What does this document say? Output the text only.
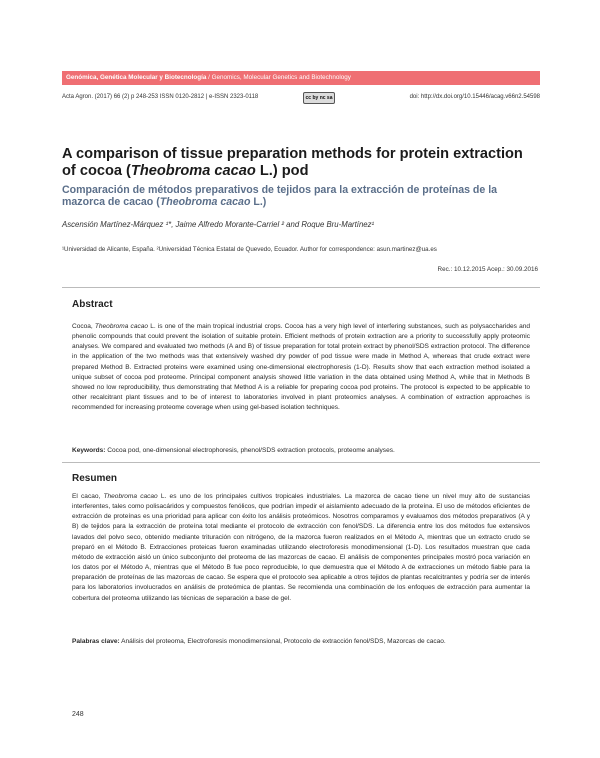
Genómica, Genética Molecular y Biotecnología / Genomics, Molecular Genetics and Biotechnology
Acta Agron. (2017) 66 (2) p 248-253 ISSN 0120-2812 | e-ISSN 2323-0118	cc by nc sa	doi: http://dx.doi.org/10.15446/acag.v66n2.54598
A comparison of tissue preparation methods for protein extraction of cocoa (Theobroma cacao L.) pod
Comparación de métodos preparativos de tejidos para la extracción de proteínas de la mazorca de cacao (Theobroma cacao L.)
Ascensión Martínez-Márquez ¹*, Jaime Alfredo Morante-Carriel ² and Roque Bru-Martínez¹
¹Universidad de Alicante, España. ²Universidad Técnica Estatal de Quevedo, Ecuador. Author for correspondence: asun.martinez@ua.es
Rec.: 10.12.2015 Acep.: 30.09.2016
Abstract
Cocoa, Theobroma cacao L. is one of the main tropical industrial crops. Cocoa has a very high level of interfering substances, such as polysaccharides and phenolic compounds that could prevent the isolation of suitable protein. Efficient methods of protein extraction are a priority to successfully apply proteomic analyses. We compared and evaluated two methods (A and B) of tissue preparation for total protein extract by phenol/SDS extraction protocol. The difference in the application of the two methods was that extensively washed dry powder of pod tissue were made in Method A, whereas that crude extract were prepared Method B. Extracted proteins were examined using one-dimensional electrophoresis (1-D). Results show that each extraction method isolated a unique subset of cocoa pod proteome. Principal component analysis showed little variation in the data obtained using Method A, while that in Methods B showed no low reproducibility, thus demonstrating that Method A is a reliable for preparing cocoa pod proteins. The protocol is expected to be applicable to other recalcitrant plant tissues and to be of interest to laboratories involved in plant proteomics analyses. A combination of extraction approaches is recommended for increasing proteome coverage when using gel-based isolation techniques.
Keywords: Cocoa pod, one-dimensional electrophoresis, phenol/SDS extraction protocols, proteome analyses.
Resumen
El cacao, Theobroma cacao L. es uno de los principales cultivos tropicales industriales. La mazorca de cacao tiene un nivel muy alto de sustancias interferentes, tales como polisacáridos y compuestos fenólicos, que podrían impedir el aislamiento adecuado de la proteína. El uso de métodos eficientes de extracción de proteínas es una prioridad para aplicar con éxito los análisis proteómicos. Nosotros comparamos y evaluamos dos métodos preparativos (A y B) de tejidos para la extracción de proteína total mediante el protocolo de extracción con fenol/SDS. La diferencia entre los dos métodos fue extensivos lavados del polvo seco, obtenido mediante trituración con nitrógeno, de la mazorca fueron realizados en el Método A, mientras que un extracto crudo se preparó en el Método B. Extracciones proteicas fueron examinadas utilizando electroforesis monodimensional (1-D). Los resultados muestran que cada método de extracción aisló un único subconjunto del proteoma de las mazorcas de cacao. El análisis de componentes principales mostró poca variación en los datos por el Método A, mientras que el Método B fue poco reproducible, lo que demuestra que el Método A de extracciones un método fiable para la preparación de proteínas de las mazorcas de cacao. Se espera que el protocolo sea aplicable a otros tejidos de plantas recalcitrantes y podría ser de interés para los laboratorios involucrados en análisis de proteómica de plantas. Se recomienda una combinación de los enfoques de extracción para aumentar la cobertura del proteoma utilizando las técnicas de separación a base de gel.
Palabras clave: Análisis del proteoma, Electroforesis monodimensional, Protocolo de extracción fenol/SDS, Mazorcas de cacao.
248
